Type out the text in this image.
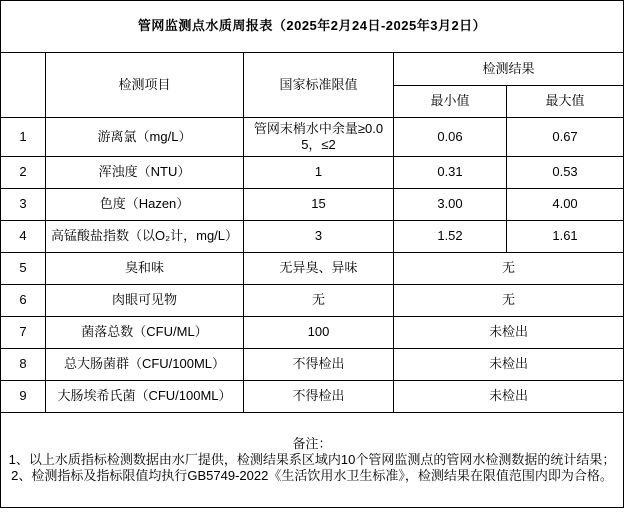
管网监测点水质周报表（2025年2月24日-2025年3月2日）				
	检测项目	国家标准限值	检测结果	
			最小值	最大值
1	游离氯（mg/L）	管网末梢水中余量≥0.05，≤2	0.06	0.67
2	浑浊度（NTU）	1	0.31	0.53
3	色度（Hazen）	15	3.00	4.00
4	高锰酸盐指数（以O₂计，mg/L）	3	1.52	1.61
5	臭和味	无异臭、异味	无	
6	肉眼可见物	无	无	
7	菌落总数（CFU/ML）	100	未检出	
8	总大肠菌群（CFU/100ML）	不得检出	未检出	
9	大肠埃希氏菌（CFU/100ML）	不得检出	未检出	

备注：
1、以上水质指标检测数据由水厂提供，检测结果系区域内10个管网监测点的管网水检测数据的统计结果；
2、检测指标及指标限值均执行GB5749-2022《生活饮用水卫生标准》，检测结果在限值范围内即为合格。				
